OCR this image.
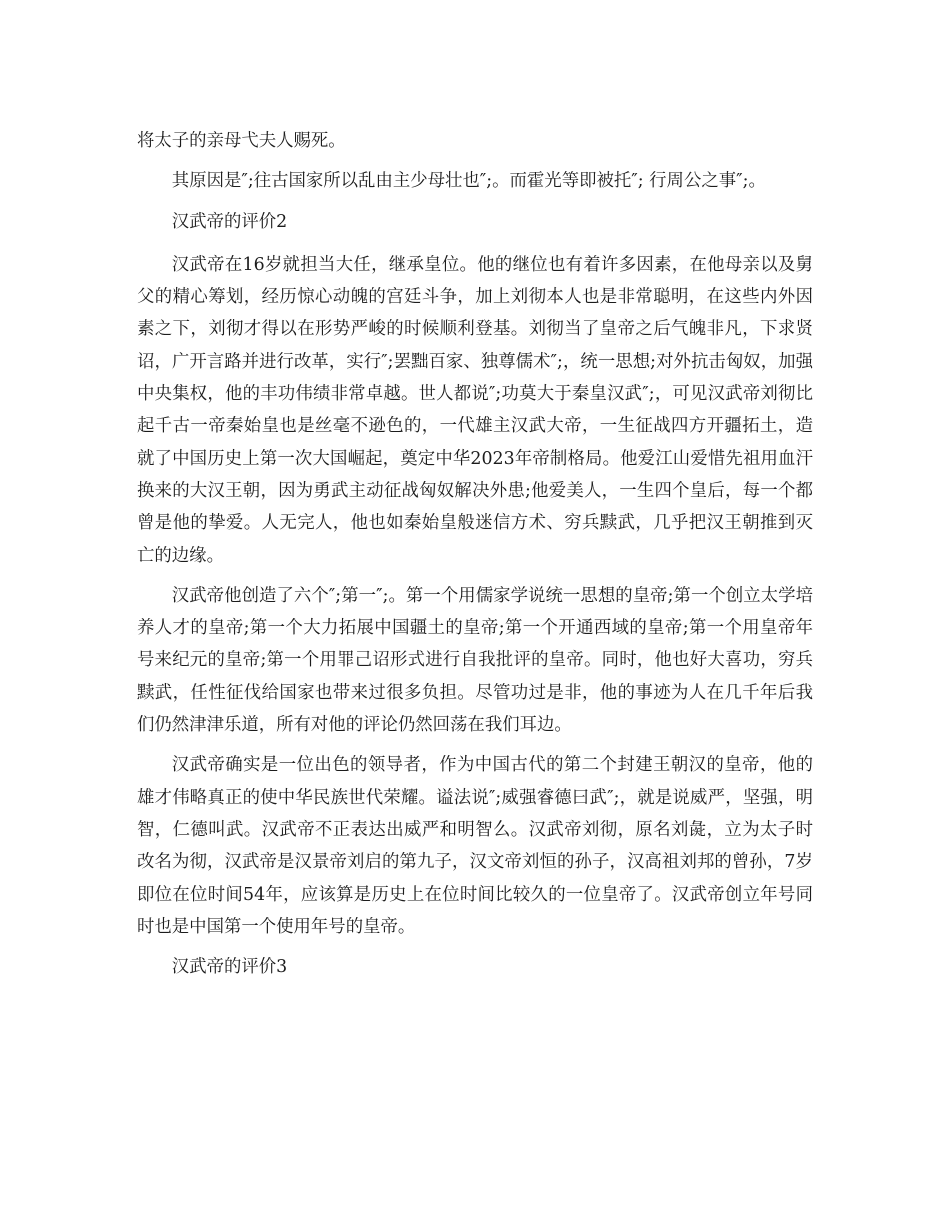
将太子的亲母弋夫人赐死。

其原因是″;往古国家所以乱由主少母壮也″;。而霍光等即被托″; 行周公之事″;。

汉武帝的评价2

汉武帝在16岁就担当大任，继承皇位。他的继位也有着许多因素，在他母亲以及舅父的精心筹划，经历惊心动魄的宫廷斗争，加上刘彻本人也是非常聪明，在这些内外因素之下，刘彻才得以在形势严峻的时候顺利登基。刘彻当了皇帝之后气魄非凡，下求贤诏，广开言路并进行改革，实行″;罢黜百家、独尊儒术″;，统一思想;对外抗击匈奴，加强中央集权，他的丰功伟绩非常卓越。世人都说″;功莫大于秦皇汉武″;，可见汉武帝刘彻比起千古一帝秦始皇也是丝毫不逊色的，一代雄主汉武大帝，一生征战四方开疆拓土，造就了中国历史上第一次大国崛起，奠定中华2023年帝制格局。他爱江山爱惜先祖用血汗换来的大汉王朝，因为勇武主动征战匈奴解决外患;他爱美人，一生四个皇后，每一个都曾是他的挚爱。人无完人，他也如秦始皇般迷信方术、穷兵黩武，几乎把汉王朝推到灭亡的边缘。

汉武帝他创造了六个″;第一″;。第一个用儒家学说统一思想的皇帝;第一个创立太学培养人才的皇帝;第一个大力拓展中国疆土的皇帝;第一个开通西域的皇帝;第一个用皇帝年号来纪元的皇帝;第一个用罪己诏形式进行自我批评的皇帝。同时，他也好大喜功，穷兵黩武，任性征伐给国家也带来过很多负担。尽管功过是非，他的事迹为人在几千年后我们仍然津津乐道，所有对他的评论仍然回荡在我们耳边。

汉武帝确实是一位出色的领导者，作为中国古代的第二个封建王朝汉的皇帝，他的雄才伟略真正的使中华民族世代荣耀。谥法说″;威强睿德曰武″;，就是说威严，坚强，明智，仁德叫武。汉武帝不正表达出威严和明智么。汉武帝刘彻，原名刘彘，立为太子时改名为彻，汉武帝是汉景帝刘启的第九子，汉文帝刘恒的孙子，汉高祖刘邦的曾孙，7岁即位在位时间54年，应该算是历史上在位时间比较久的一位皇帝了。汉武帝创立年号同时也是中国第一个使用年号的皇帝。

汉武帝的评价3
